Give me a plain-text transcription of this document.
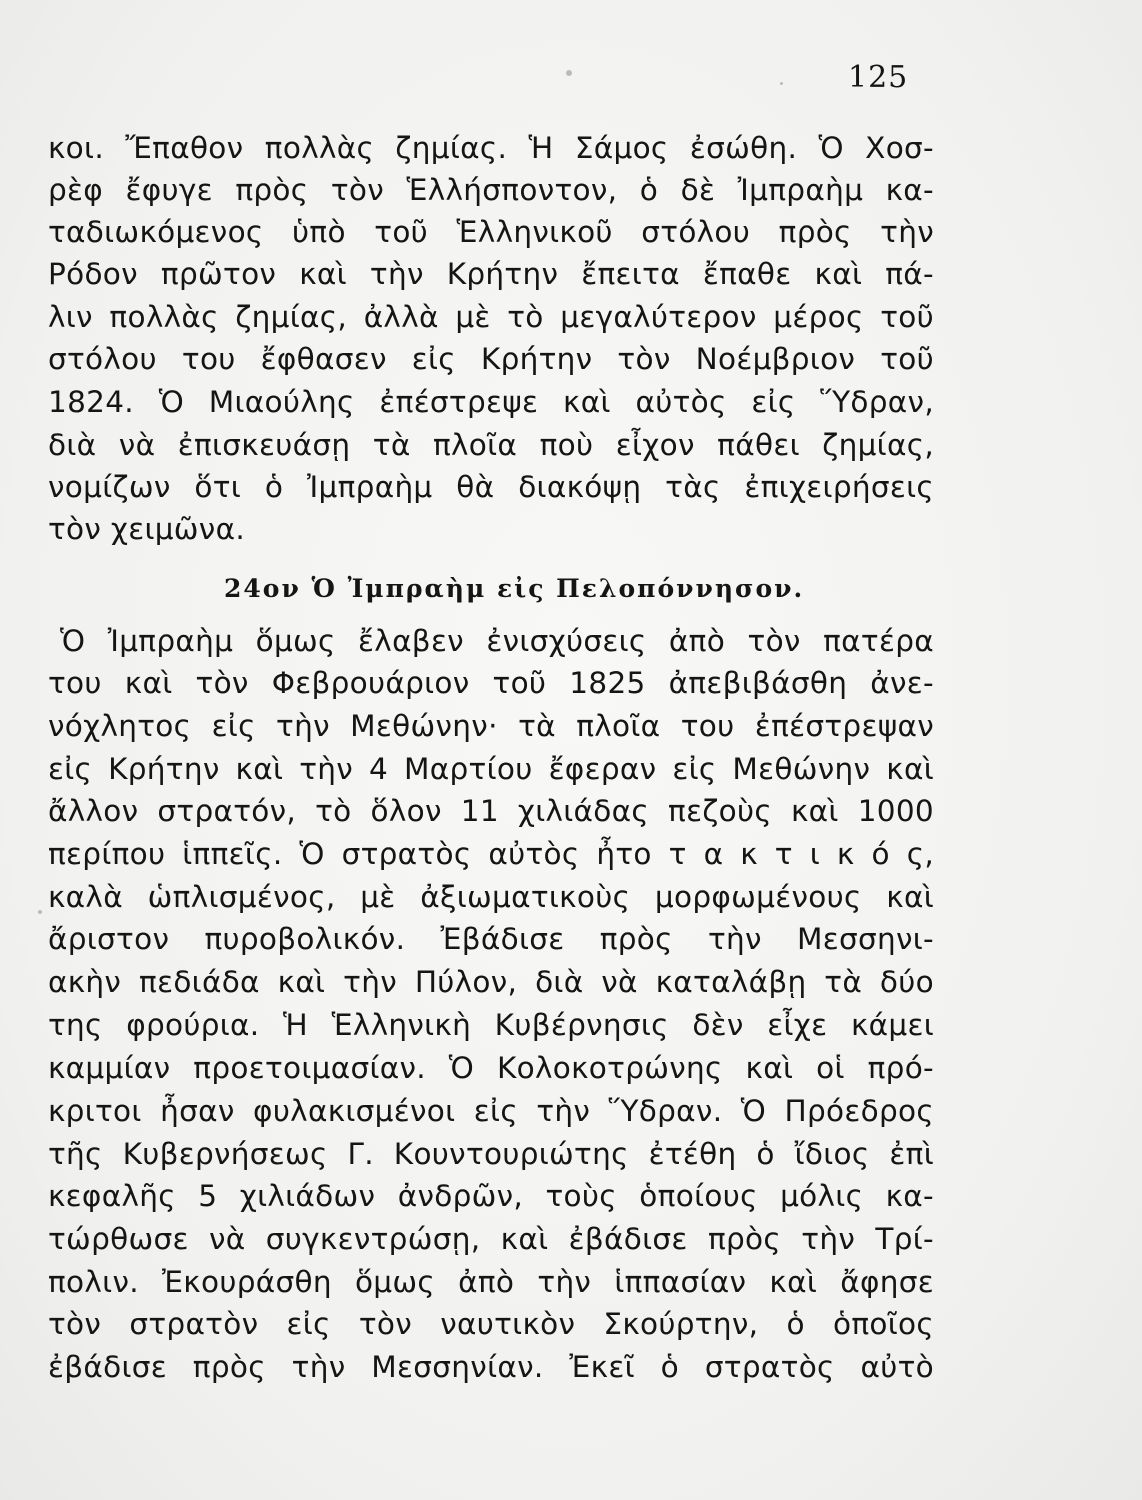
125
κοι. Ἔπαθον πολλὰς ζημίας. Ἡ Σάμος ἐσώθη. Ὁ Χοσ-
ρὲφ ἔφυγε πρὸς τὸν Ἑλλήσποντον, ὁ δὲ Ἰμπραὴμ κα-
ταδιωκόμενος ὑπὸ τοῦ Ἑλληνικοῦ στόλου πρὸς τὴν
Ρόδον πρῶτον καὶ τὴν Κρήτην ἔπειτα ἔπαθε καὶ πά-
λιν πολλὰς ζημίας, ἀλλὰ μὲ τὸ μεγαλύτερον μέρος τοῦ
στόλου του ἔφθασεν εἰς Κρήτην τὸν Νοέμβριον τοῦ
1824. Ὁ Μιαούλης ἐπέστρεψε καὶ αὐτὸς εἰς Ὕδραν,
διὰ νὰ ἐπισκευάσῃ τὰ πλοῖα ποὺ εἶχον πάθει ζημίας,
νομίζων ὅτι ὁ Ἰμπραὴμ θὰ διακόψῃ τὰς ἐπιχειρήσεις
τὸν χειμῶνα.
24ον Ὁ Ἰμπραὴμ εἰς Πελοπόννησον.
Ὁ Ἰμπραὴμ ὅμως ἔλαβεν ἐνισχύσεις ἀπὸ τὸν πατέρα
του καὶ τὸν Φεβρουάριον τοῦ 1825 ἀπεβιβάσθη ἀνε-
νόχλητος εἰς τὴν Μεθώνην· τὰ πλοῖα του ἐπέστρεψαν
εἰς Κρήτην καὶ τὴν 4 Μαρτίου ἔφεραν εἰς Μεθώνην καὶ
ἄλλον στρατόν, τὸ ὅλον 11 χιλιάδας πεζοὺς καὶ 1000
περίπου ἱππεῖς. Ὁ στρατὸς αὐτὸς ἦτο τ α κ τ ι κ ό ς,
καλὰ ὡπλισμένος, μὲ ἀξιωματικοὺς μορφωμένους καὶ
ἄριστον πυροβολικόν. Ἐβάδισε πρὸς τὴν Μεσσηνι-
ακὴν πεδιάδα καὶ τὴν Πύλον, διὰ νὰ καταλάβῃ τὰ δύο
της φρούρια. Ἡ Ἑλληνικὴ Κυβέρνησις δὲν εἶχε κάμει
καμμίαν προετοιμασίαν. Ὁ Κολοκοτρώνης καὶ οἱ πρό-
κριτοι ἦσαν φυλακισμένοι εἰς τὴν Ὕδραν. Ὁ Πρόεδρος
τῆς Κυβερνήσεως Γ. Κουντουριώτης ἐτέθη ὁ ἴδιος ἐπὶ
κεφαλῆς 5 χιλιάδων ἀνδρῶν, τοὺς ὁποίους μόλις κα-
τώρθωσε νὰ συγκεντρώσῃ, καὶ ἐβάδισε πρὸς τὴν Τρί-
πολιν. Ἐκουράσθη ὅμως ἀπὸ τὴν ἱππασίαν καὶ ἄφησε
τὸν στρατὸν εἰς τὸν ναυτικὸν Σκούρτην, ὁ ὁποῖος
ἐβάδισε πρὸς τὴν Μεσσηνίαν. Ἐκεῖ ὁ στρατὸς αὐτὸ
